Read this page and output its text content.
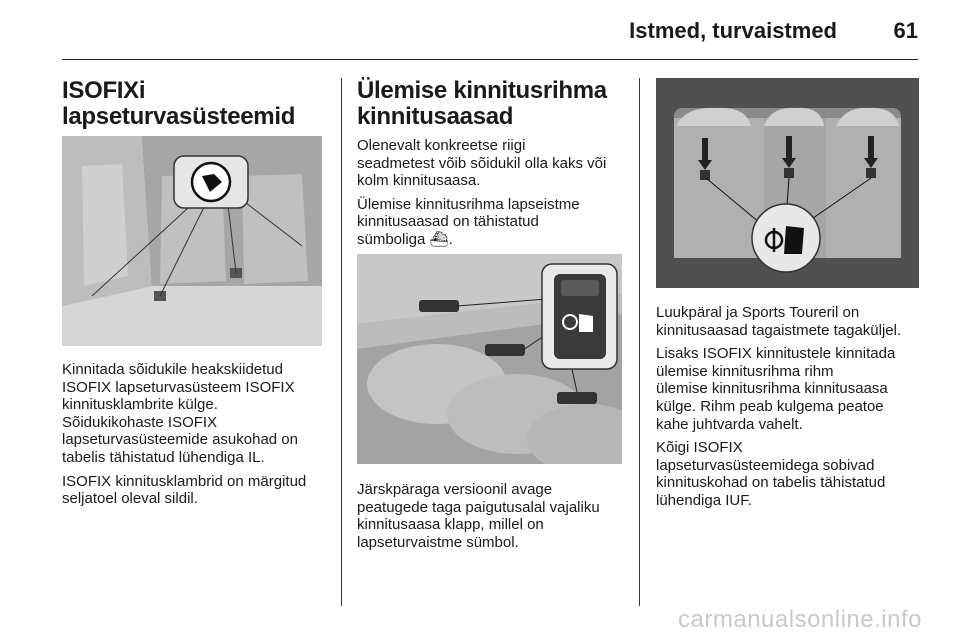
Istmed, turvaistmed	61
ISOFIXi
lapseturvasüsteemid

Kinnitada sõidukile heakskiidetud
ISOFIX lapseturvasüsteem ISOFIX
kinnitusklambrite külge.
Sõidukikohaste ISOFIX
lapseturvasüsteemide asukohad on
tabelis tähistatud lühendiga IL.

ISOFIX kinnitusklambrid on märgitud
seljatoel oleval sildil.

Ülemise kinnitusrihma
kinnitusaasad

Olenevalt konkreetse riigi
seadmetest võib sõidukil olla kaks või
kolm kinnitusaasa.

Ülemise kinnitusrihma lapseistme
kinnitusaasad on tähistatud
sümboliga ⛴.

Järskpäraga versioonil avage
peatugede taga paigutusalal vajaliku
kinnitusaasa klapp, millel on
lapseturvaistme sümbol.

Luukpäral ja Sports Toureril on
kinnitusaasad tagaistmete tagaküljel.

Lisaks ISOFIX kinnitustele kinnitada
ülemise kinnitusrihma rihm
ülemise kinnitusrihma kinnitusaasa
külge. Rihm peab kulgema peatoe
kahe juhtvarda vahelt.

Kõigi ISOFIX
lapseturvasüsteemidega sobivad
kinnituskohad on tabelis tähistatud
lühendiga IUF.

carmanualsonline.info
